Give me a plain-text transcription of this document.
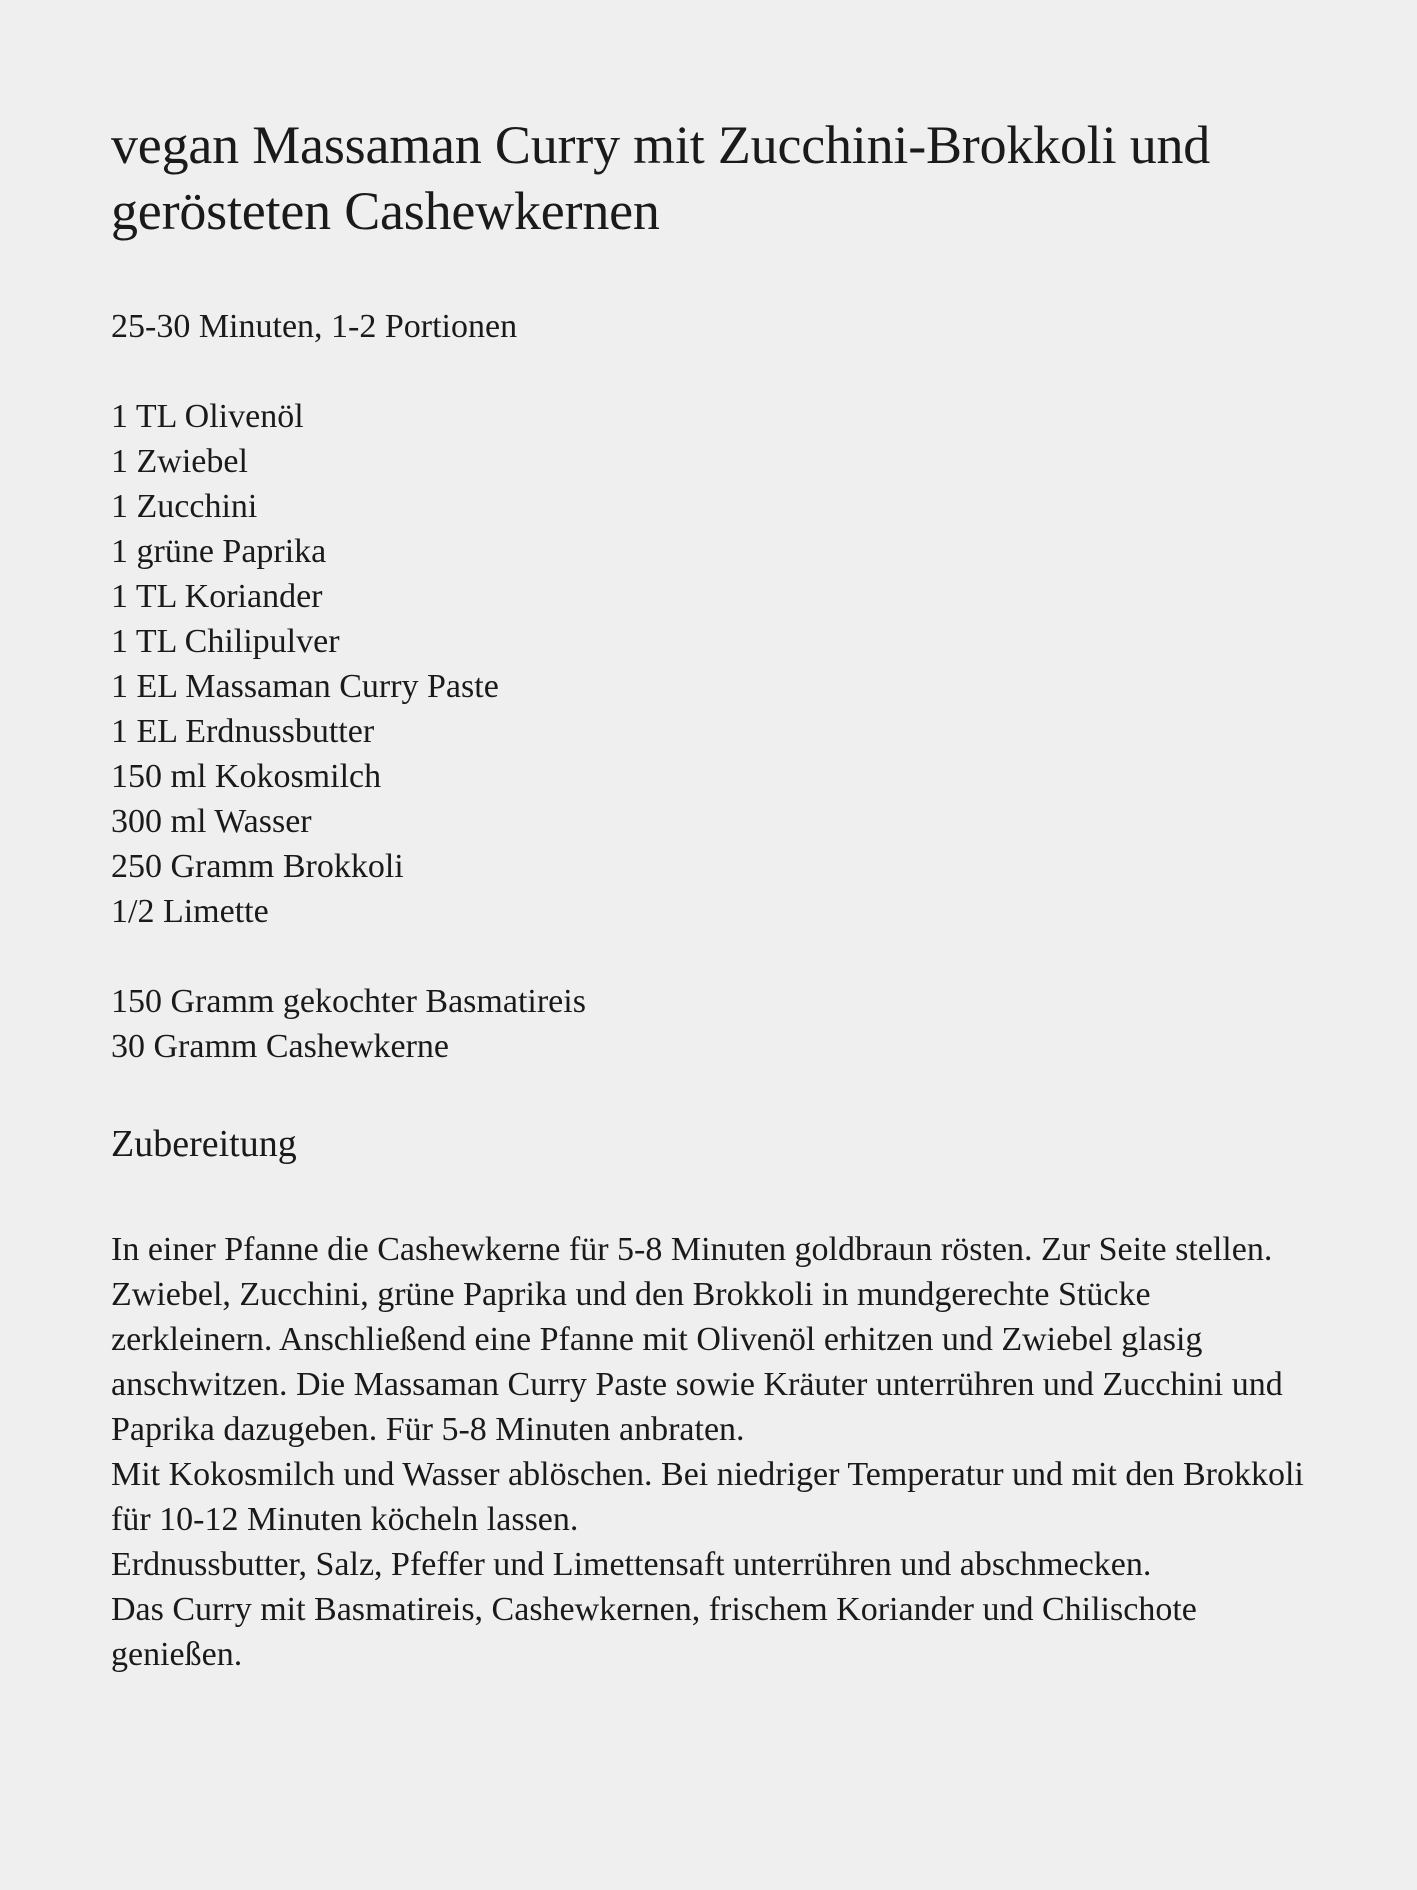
vegan Massaman Curry mit Zucchini-Brokkoli und gerösteten Cashewkernen
25-30 Minuten, 1-2 Portionen
1 TL Olivenöl
1 Zwiebel
1 Zucchini
1 grüne Paprika
1 TL Koriander
1 TL Chilipulver
1 EL Massaman Curry Paste
1 EL Erdnussbutter
150 ml Kokosmilch
300 ml Wasser
250 Gramm Brokkoli
1/2 Limette
150 Gramm gekochter Basmatireis
30 Gramm Cashewkerne
Zubereitung

In einer Pfanne die Cashewkerne für 5-8 Minuten goldbraun rösten. Zur Seite stellen.

Zwiebel, Zucchini, grüne Paprika und den Brokkoli in mundgerechte Stücke zerkleinern. Anschließend eine Pfanne mit Olivenöl erhitzen und Zwiebel glasig anschwitzen. Die Massaman Curry Paste sowie Kräuter unterrühren und Zucchini und Paprika dazugeben. Für 5-8 Minuten anbraten.

Mit Kokosmilch und Wasser ablöschen. Bei niedriger Temperatur und mit den Brokkoli für 10-12 Minuten köcheln lassen.

Erdnussbutter, Salz, Pfeffer und Limettensaft unterrühren und abschmecken.

Das Curry mit Basmatireis, Cashewkernen, frischem Koriander und Chilischote genießen.
